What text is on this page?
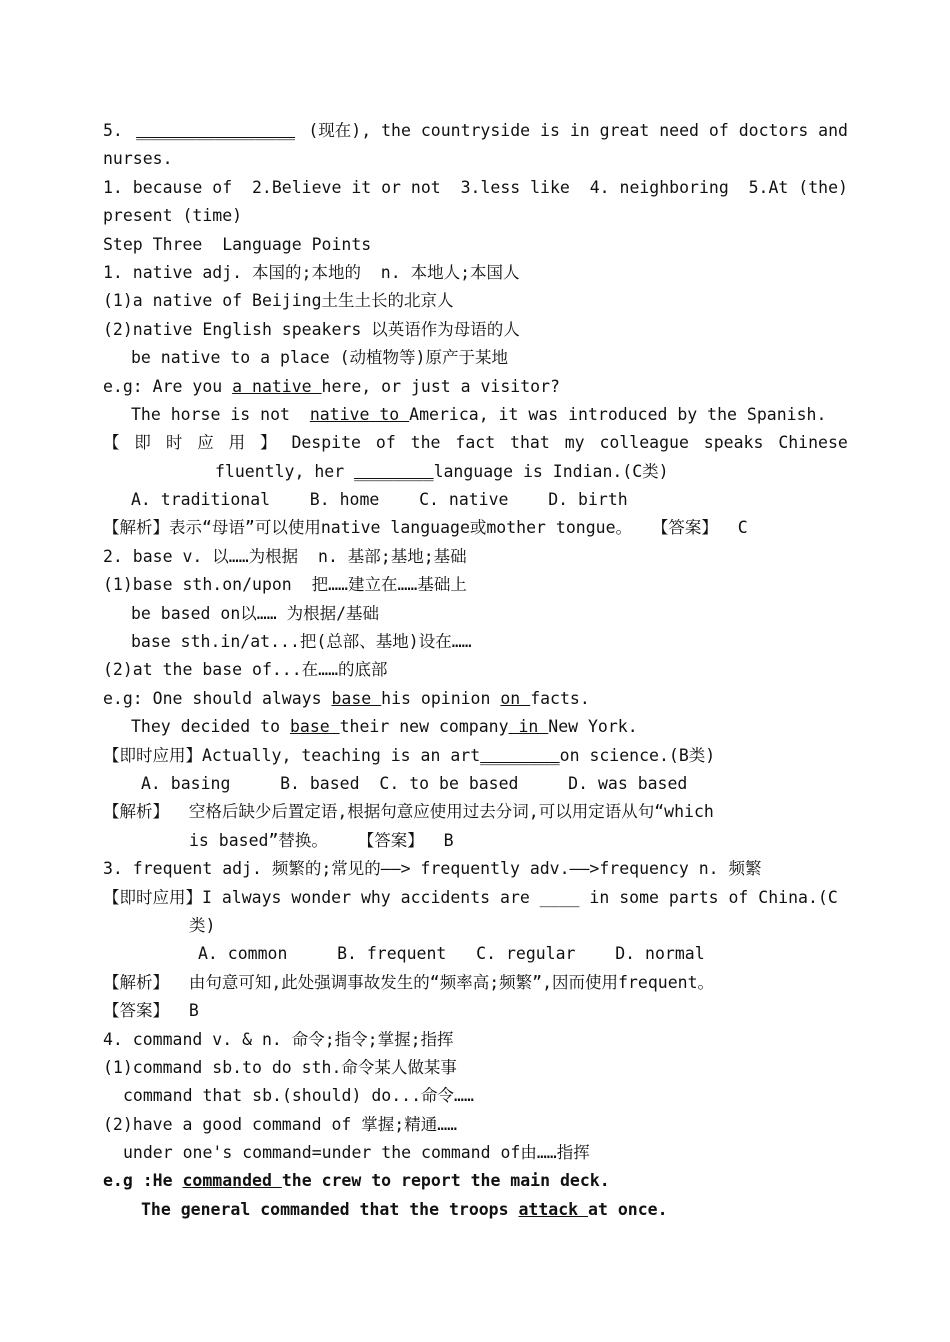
5. ________________ (现在), the countryside is in great need of doctors and
nurses.
1. because of 2.Believe it or not 3.less like 4. neighboring 5.At (the)
present (time)
Step Three  Language Points
1. native adj. 本国的;本地的  n. 本地人;本国人
(1)a native of Beijing土生土长的北京人
(2)native English speakers 以英语作为母语的人
be native to a place (动植物等)原产于某地
e.g: Are you a native here, or just a visitor?
The horse is not  native to America, it was introduced by the Spanish.
【 即 时 应 用 】 Despite of the fact that my colleague speaks Chinese
fluently, her ________language is Indian.(C类)
A. traditional    B. home    C. native    D. birth
【解析】表示“母语”可以使用native language或mother tongue。  【答案】  C
2. base v. 以……为根据  n. 基部;基地;基础
(1)base sth.on/upon  把……建立在……基础上
be based on以…… 为根据/基础
base sth.in/at...把(总部、基地)设在……
(2)at the base of...在……的底部
e.g: One should always base his opinion on facts.
They decided to base their new company in New York.
【即时应用】Actually, teaching is an art________on science.(B类)
A. basing     B. based  C. to be based     D. was based
【解析】  空格后缺少后置定语,根据句意应使用过去分词,可以用定语从句“which
is based”替换。   【答案】  B
3. frequent adj. 频繁的;常见的——> frequently adv.——>frequency n. 频繁
【即时应用】I always wonder why accidents are ____ in some parts of China.(C
类)
A. common     B. frequent   C. regular    D. normal
【解析】  由句意可知,此处强调事故发生的“频率高;频繁”,因而使用frequent。
【答案】  B
4. command v. & n. 命令;指令;掌握;指挥
(1)command sb.to do sth.命令某人做某事
command that sb.(should) do...命令……
(2)have a good command of 掌握;精通……
under one's command=under the command of由……指挥
e.g :He commanded the crew to report the main deck.
The general commanded that the troops attack at once.
